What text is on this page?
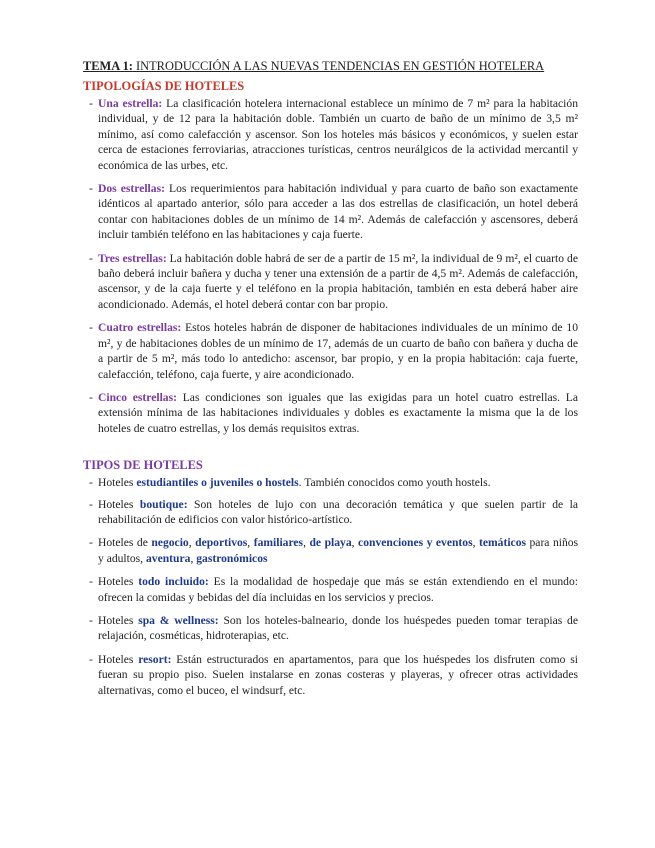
TEMA 1: INTRODUCCIÓN A LAS NUEVAS TENDENCIAS EN GESTIÓN HOTELERA
TIPOLOGÍAS DE HOTELES
- Una estrella: La clasificación hotelera internacional establece un mínimo de 7 m² para la habitación individual, y de 12 para la habitación doble. También un cuarto de baño de un mínimo de 3,5 m² mínimo, así como calefacción y ascensor. Son los hoteles más básicos y económicos, y suelen estar cerca de estaciones ferroviarias, atracciones turísticas, centros neurálgicos de la actividad mercantil y económica de las urbes, etc.
- Dos estrellas: Los requerimientos para habitación individual y para cuarto de baño son exactamente idénticos al apartado anterior, sólo para acceder a las dos estrellas de clasificación, un hotel deberá contar con habitaciones dobles de un mínimo de 14 m². Además de calefacción y ascensores, deberá incluir también teléfono en las habitaciones y caja fuerte.
- Tres estrellas: La habitación doble habrá de ser de a partir de 15 m², la individual de 9 m², el cuarto de baño deberá incluir bañera y ducha y tener una extensión de a partir de 4,5 m². Además de calefacción, ascensor, y de la caja fuerte y el teléfono en la propia habitación, también en esta deberá haber aire acondicionado. Además, el hotel deberá contar con bar propio.
- Cuatro estrellas: Estos hoteles habrán de disponer de habitaciones individuales de un mínimo de 10 m², y de habitaciones dobles de un mínimo de 17, además de un cuarto de baño con bañera y ducha de a partir de 5 m², más todo lo antedicho: ascensor, bar propio, y en la propia habitación: caja fuerte, calefacción, teléfono, caja fuerte, y aire acondicionado.
- Cinco estrellas: Las condiciones son iguales que las exigidas para un hotel cuatro estrellas. La extensión mínima de las habitaciones individuales y dobles es exactamente la misma que la de los hoteles de cuatro estrellas, y los demás requisitos extras.
TIPOS DE HOTELES
- Hoteles estudiantiles o juveniles o hostels. También conocidos como youth hostels.
- Hoteles boutique: Son hoteles de lujo con una decoración temática y que suelen partir de la rehabilitación de edificios con valor histórico-artístico.
- Hoteles de negocio, deportivos, familiares, de playa, convenciones y eventos, temáticos para niños y adultos, aventura, gastronómicos
- Hoteles todo incluido: Es la modalidad de hospedaje que más se están extendiendo en el mundo: ofrecen la comidas y bebidas del día incluidas en los servicios y precios.
- Hoteles spa & wellness: Son los hoteles-balneario, donde los huéspedes pueden tomar terapias de relajación, cosméticas, hidroterapias, etc.
- Hoteles resort: Están estructurados en apartamentos, para que los huéspedes los disfruten como si fueran su propio piso. Suelen instalarse en zonas costeras y playeras, y ofrecer otras actividades alternativas, como el buceo, el windsurf, etc.
